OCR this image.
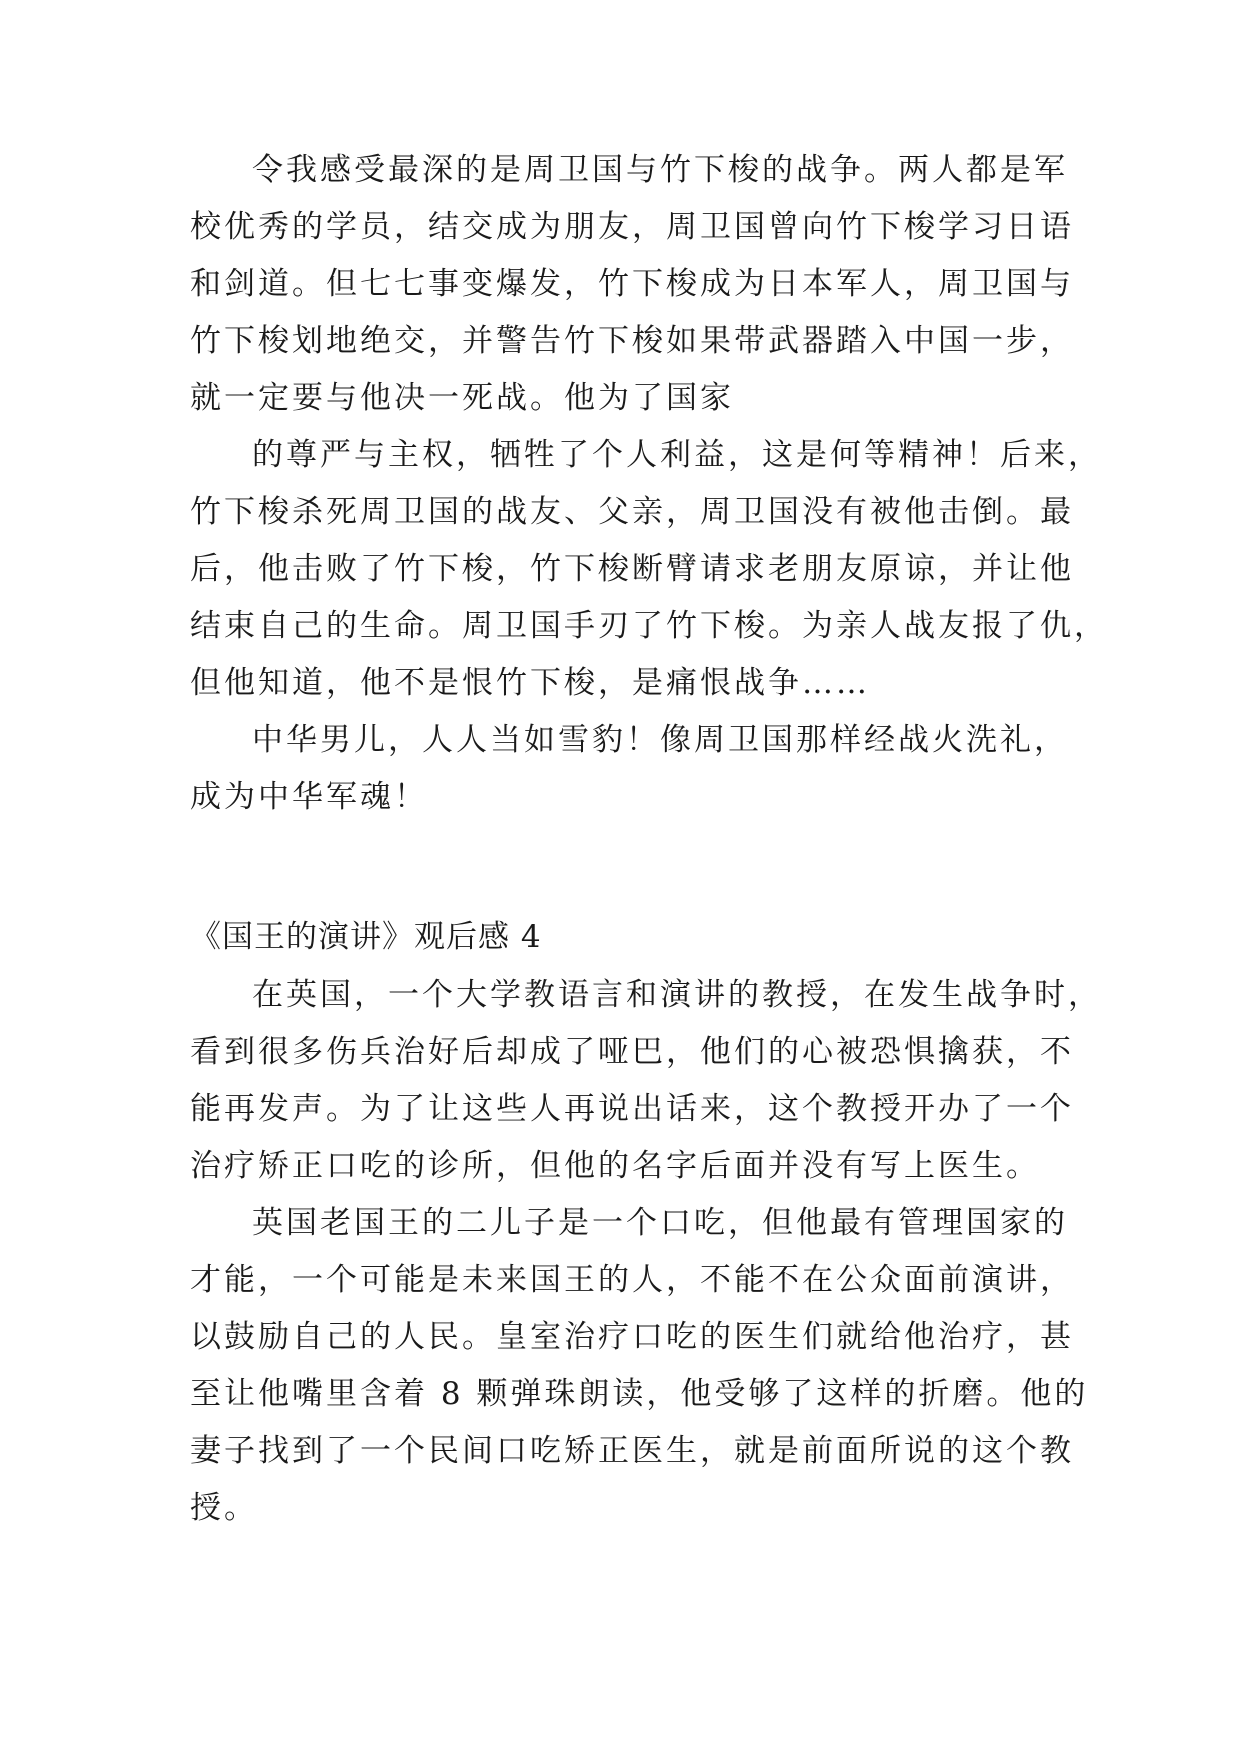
令我感受最深的是周卫国与竹下梭的战争。两人都是军
校优秀的学员，结交成为朋友，周卫国曾向竹下梭学习日语
和剑道。但七七事变爆发，竹下梭成为日本军人，周卫国与
竹下梭划地绝交，并警告竹下梭如果带武器踏入中国一步，
就一定要与他决一死战。他为了国家
的尊严与主权，牺牲了个人利益，这是何等精神！后来，
竹下梭杀死周卫国的战友、父亲，周卫国没有被他击倒。最
后，他击败了竹下梭，竹下梭断臂请求老朋友原谅，并让他
结束自己的生命。周卫国手刃了竹下梭。为亲人战友报了仇，
但他知道，他不是恨竹下梭，是痛恨战争……
中华男儿，人人当如雪豹！像周卫国那样经战火洗礼，
成为中华军魂！
《国王的演讲》观后感 4
在英国，一个大学教语言和演讲的教授，在发生战争时，
看到很多伤兵治好后却成了哑巴，他们的心被恐惧擒获，不
能再发声。为了让这些人再说出话来，这个教授开办了一个
治疗矫正口吃的诊所，但他的名字后面并没有写上医生。
英国老国王的二儿子是一个口吃，但他最有管理国家的
才能，一个可能是未来国王的人，不能不在公众面前演讲，
以鼓励自己的人民。皇室治疗口吃的医生们就给他治疗，甚
至让他嘴里含着 8 颗弹珠朗读，他受够了这样的折磨。他的
妻子找到了一个民间口吃矫正医生，就是前面所说的这个教
授。
